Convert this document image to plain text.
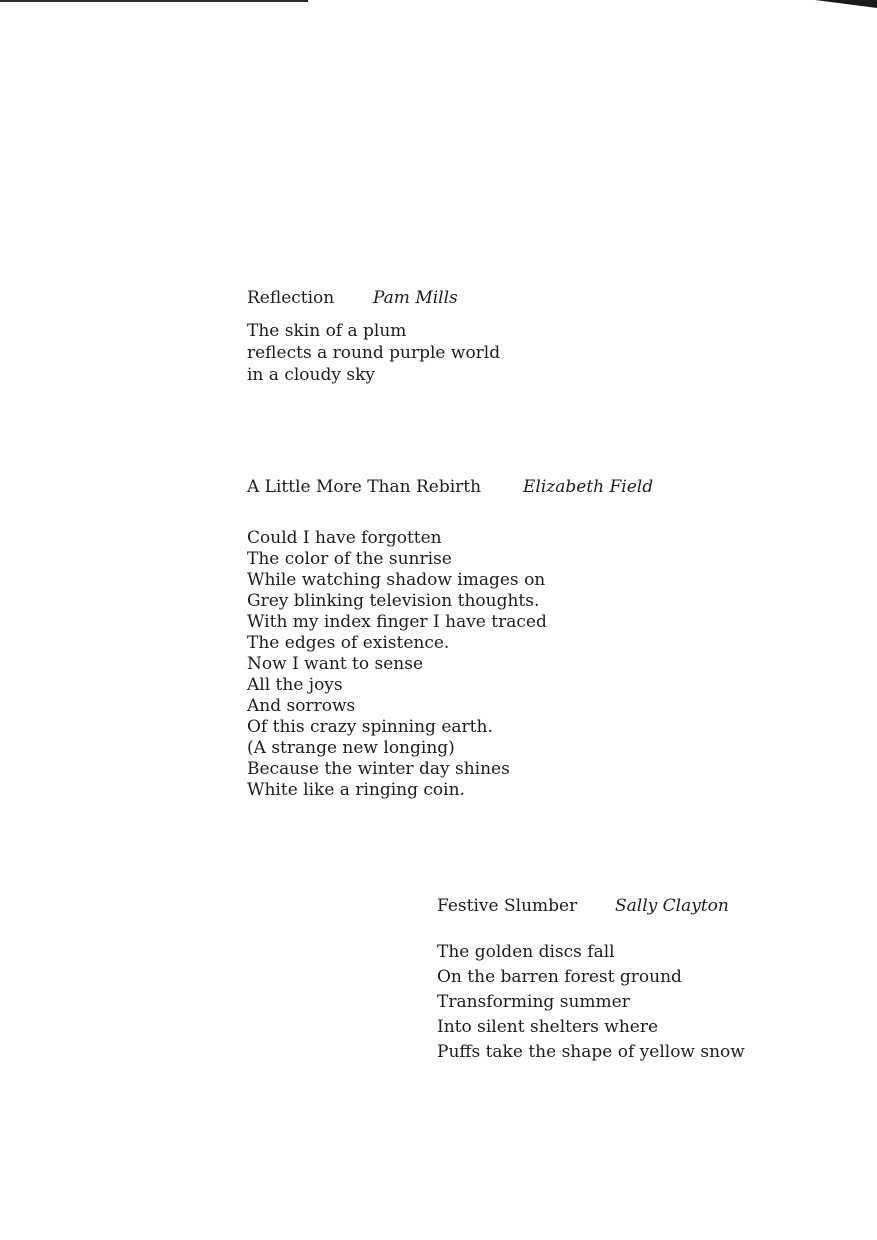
Reflection Pam Mills
The skin of a plum
reflects a round purple world
in a cloudy sky
A Little More Than Rebirth Elizabeth Field
Could I have forgotten
The color of the sunrise
While watching shadow images on
Grey blinking television thoughts.
With my index finger I have traced
The edges of existence.
Now I want to sense
All the joys
And sorrows
Of this crazy spinning earth.
(A strange new longing)
Because the winter day shines
White like a ringing coin.
Festive Slumber Sally Clayton
The golden discs fall
On the barren forest ground
Transforming summer
Into silent shelters where
Puffs take the shape of yellow snow
